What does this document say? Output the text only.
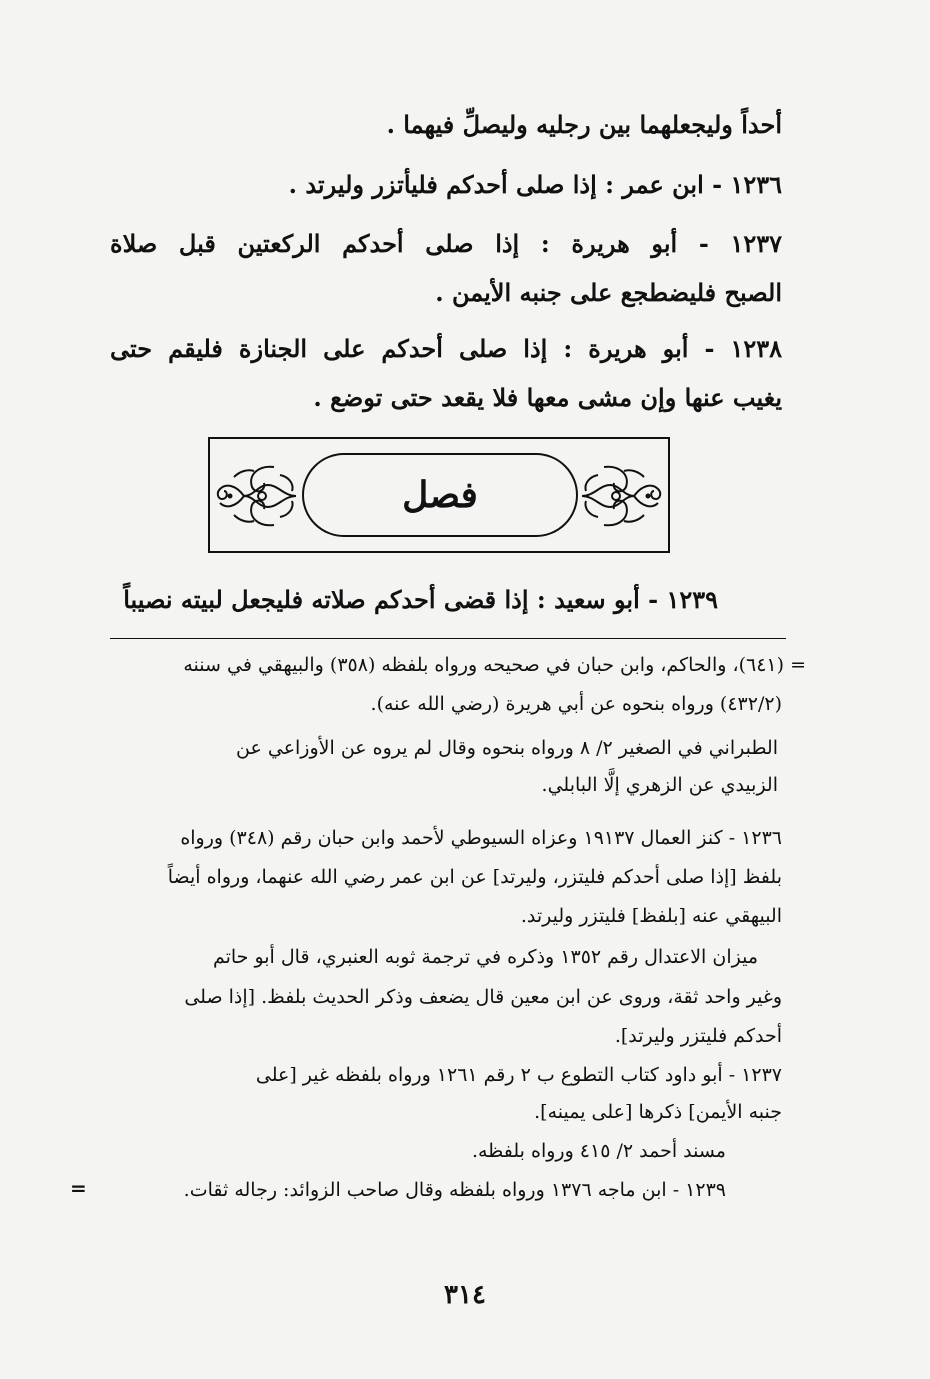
أحداً وليجعلهما بين رجليه وليصلِّ فيهما .
١٢٣٦ - ابن عمر : إذا صلى أحدكم فليأتزر وليرتد .
١٢٣٧ - أبو هريرة : إذا صلى أحدكم الركعتين قبل صلاة
الصبح فليضطجع على جنبه الأيمن .
١٢٣٨ - أبو هريرة : إذا صلى أحدكم على الجنازة فليقم حتى
يغيب عنها وإن مشى معها فلا يقعد حتى توضع .
فصل
١٢٣٩ - أبو سعيد : إذا قضى أحدكم صلاته فليجعل لبيته نصيباً
= (٦٤١)، والحاكم، وابن حبان في صحيحه ورواه بلفظه (٣٥٨) والبيهقي في سننه
(٤٣٢/٢) ورواه بنحوه عن أبي هريرة (رضي الله عنه).
الطبراني في الصغير ٢/ ٨ ورواه بنحوه وقال لم يروه عن الأوزاعي عن
الزبيدي عن الزهري إلَّا البابلي.
١٢٣٦ - كنز العمال ١٩١٣٧ وعزاه السيوطي لأحمد وابن حبان رقم (٣٤٨) ورواه
بلفظ [إذا صلى أحدكم فليتزر، وليرتد] عن ابن عمر رضي الله عنهما، ورواه أيضاً
البيهقي عنه [بلفظ] فليتزر وليرتد.
ميزان الاعتدال رقم ١٣٥٢ وذكره في ترجمة ثوبه العنبري، قال أبو حاتم
وغير واحد ثقة، وروى عن ابن معين قال يضعف وذكر الحديث بلفظ. [إذا صلى
أحدكم فليتزر وليرتد].
١٢٣٧ - أبو داود كتاب التطوع ب ٢ رقم ١٢٦١ ورواه بلفظه غير [على
جنبه الأيمن] ذكرها [على يمينه].
مسند أحمد ٢/ ٤١٥ ورواه بلفظه.
١٢٣٩ - ابن ماجه ١٣٧٦ ورواه بلفظه وقال صاحب الزوائد: رجاله ثقات.
=
٣١٤
